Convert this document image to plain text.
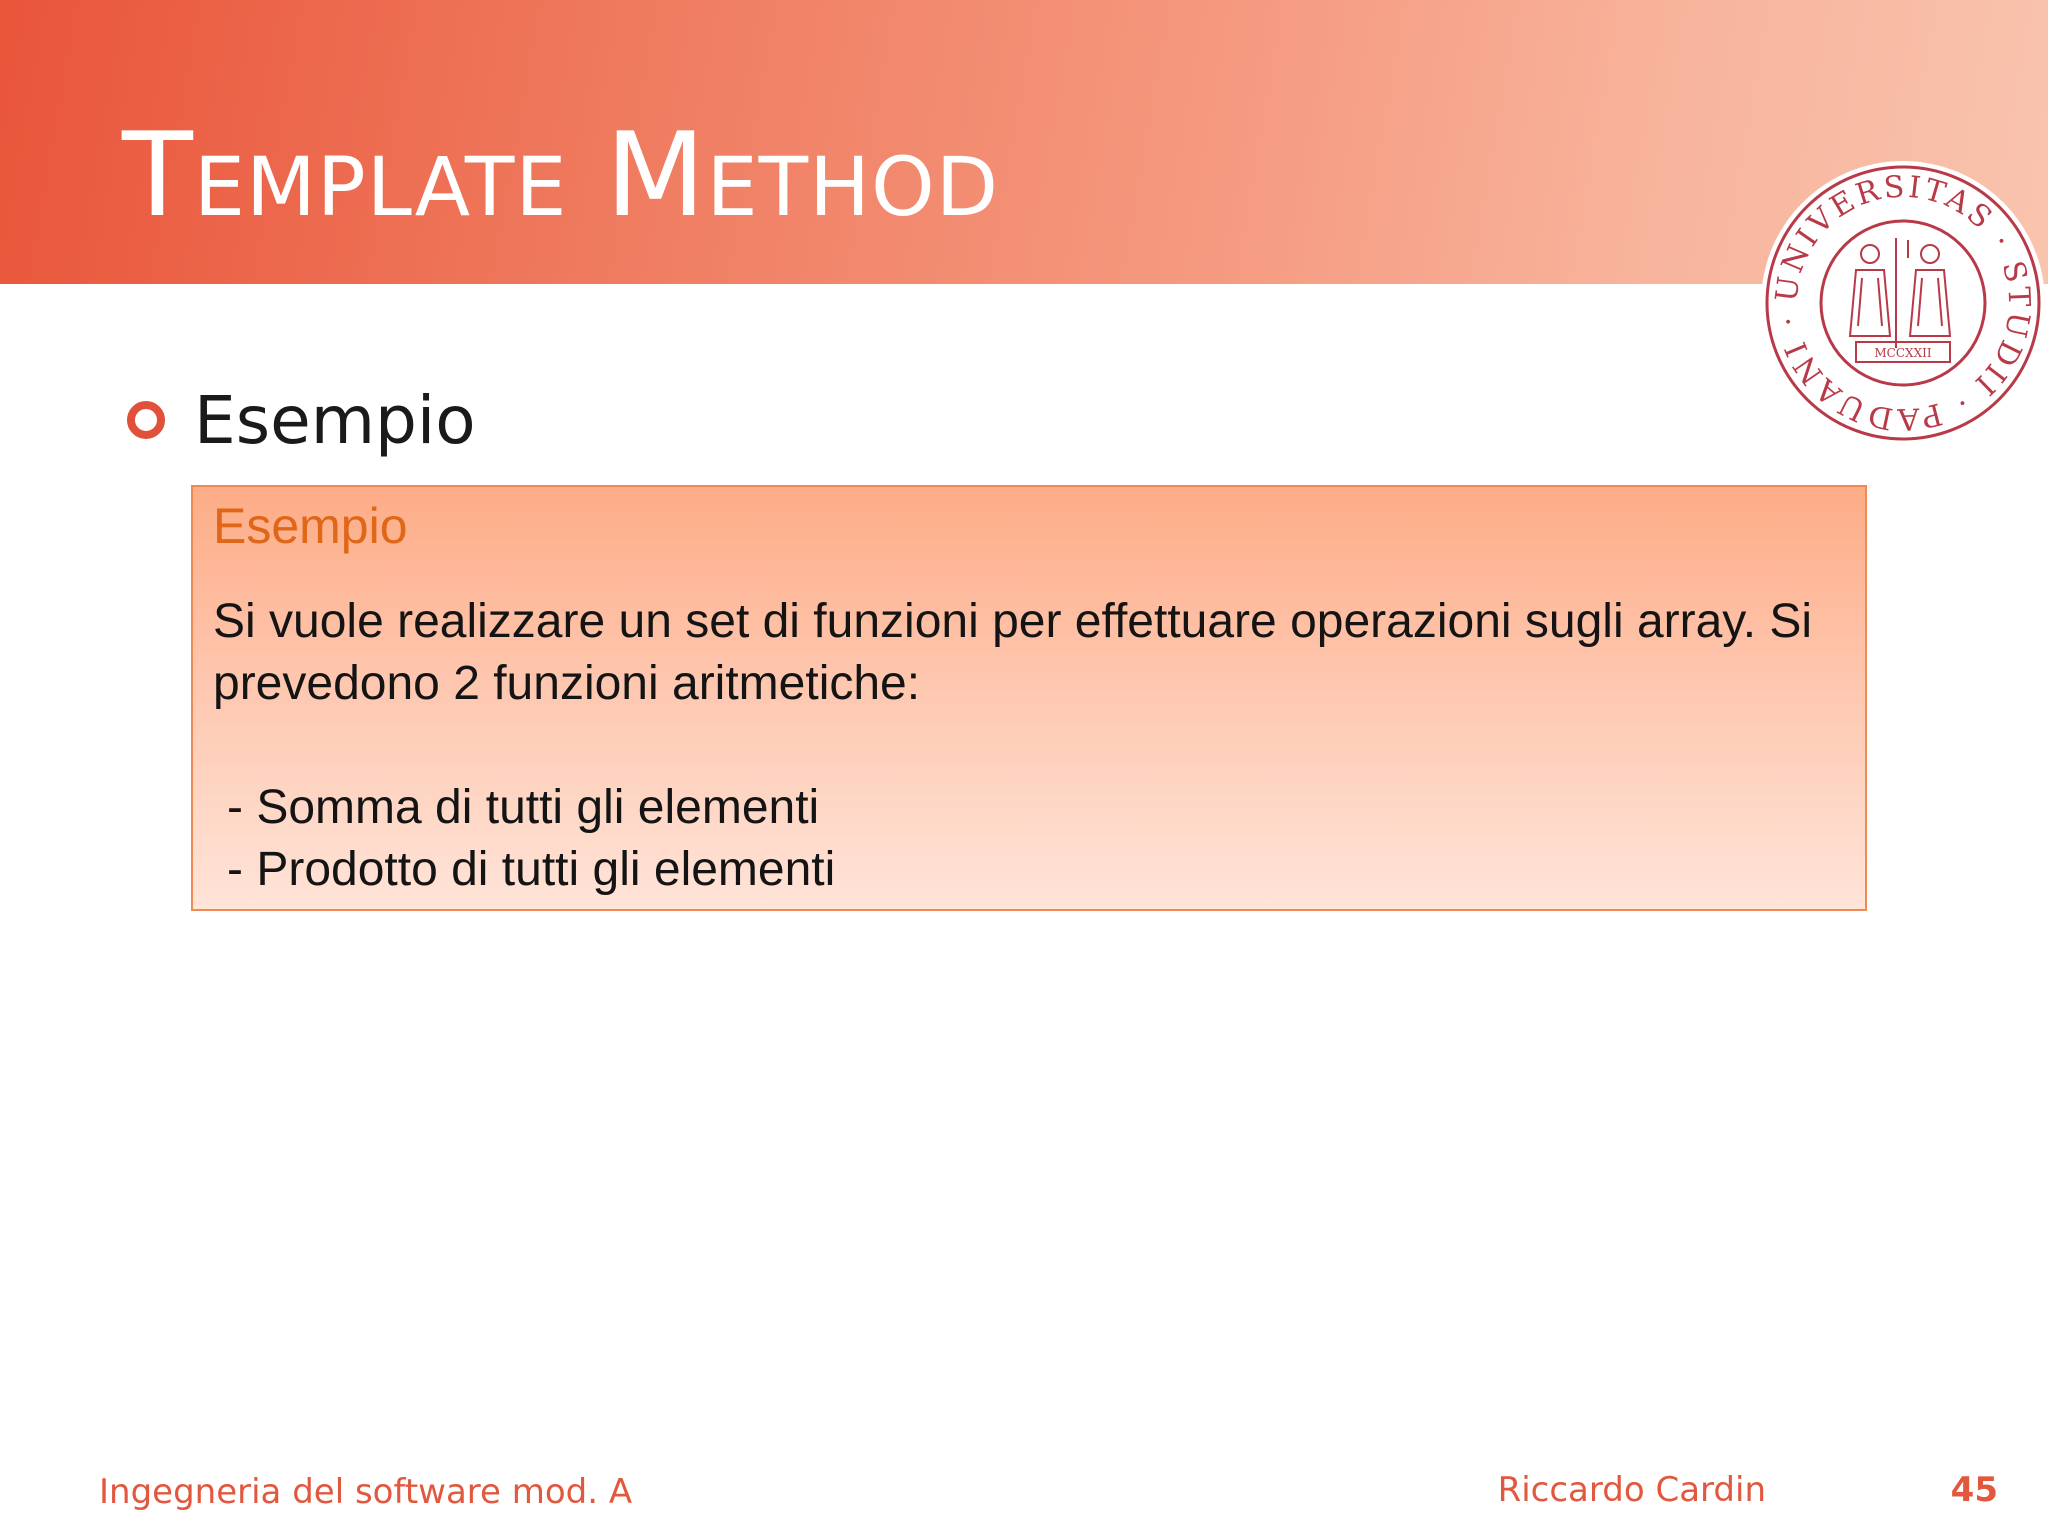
Template Method
UNIVERSITAS · STUDII · PADUANI ·
MCCXXII
Esempio
Esempio

Si vuole realizzare un set di funzioni per effettuare operazioni sugli array. Si prevedono 2 funzioni aritmetiche:

- Somma di tutti gli elementi
- Prodotto di tutti gli elementi
Ingegneria del software mod. A	Riccardo Cardin	45
